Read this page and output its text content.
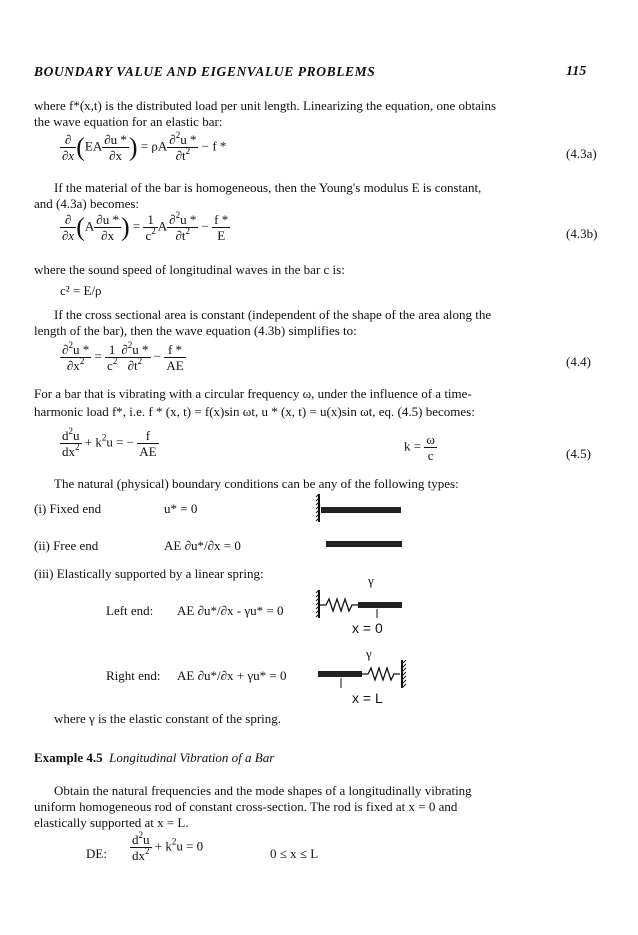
BOUNDARY VALUE AND EIGENVALUE PROBLEMS	115
where f*(x,t) is the distributed load per unit length. Linearizing the equation, one obtains
the wave equation for an elastic bar:
$\frac{\partial}{\partial x} (EA \frac{\partial u *}{\partial x}$ ) = ρA $\frac{\partial^2u *}{\partial t^2} - f$ *
(4.3a)
If the material of the bar is homogeneous, then the Young's modulus E is constant,
and (4.3a) becomes:
$\frac{\partial}{\partial x} (A \frac{\partial u *}{\partial x}$ ) = $\frac{1}{c^2}$ A $\frac{\partial^2u *}{\partial t^2} - \frac{f *}{E}$	(4.3b)
where the sound speed of longitudinal waves in the bar c is:
c² = E/ρ
If the cross sectional area is constant (independent of the shape of the area along the
length of the bar), then the wave equation (4.3b) simplifies to:
$\frac{\partial^2u *}{\partial x^2} = \frac{1}{c^2} \frac{\partial^2u *}{\partial t^2} - \frac{f *}{AE}$	(4.4)
For a bar that is vibrating with a circular frequency ω, under the influence of a time-
harmonic load f*, i.e. f * (x, t) = f(x)sin ωt, u * (x, t) = u(x)sin ωt, eq. (4.5) becomes:
$\frac{d^2u}{dx^2} + k^2u$ = − $\frac{f}{AE}$	$k = \frac{\omega}{c}$	(4.5)
The natural (physical) boundary conditions can be any of the following types:
(i) Fixed end	u* = 0
(ii) Free end	AE ∂u*/∂x = 0
(iii) Elastically supported by a linear spring:
Left end: AE ∂u*/∂x - γu* = 0
Right end: AE ∂u*/∂x + γu* = 0
γ
x = 0
γ
x = L
where γ is the elastic constant of the spring.
Example 4.5 Longitudinal Vibration of a Bar
Obtain the natural frequencies and the mode shapes of a longitudinally vibrating
uniform homogeneous rod of constant cross-section. The rod is fixed at x = 0 and
elastically supported at x = L.
DE: $\frac{d^2u}{dx^2} + k^2u = 0$
0 ≤ x ≤ L
